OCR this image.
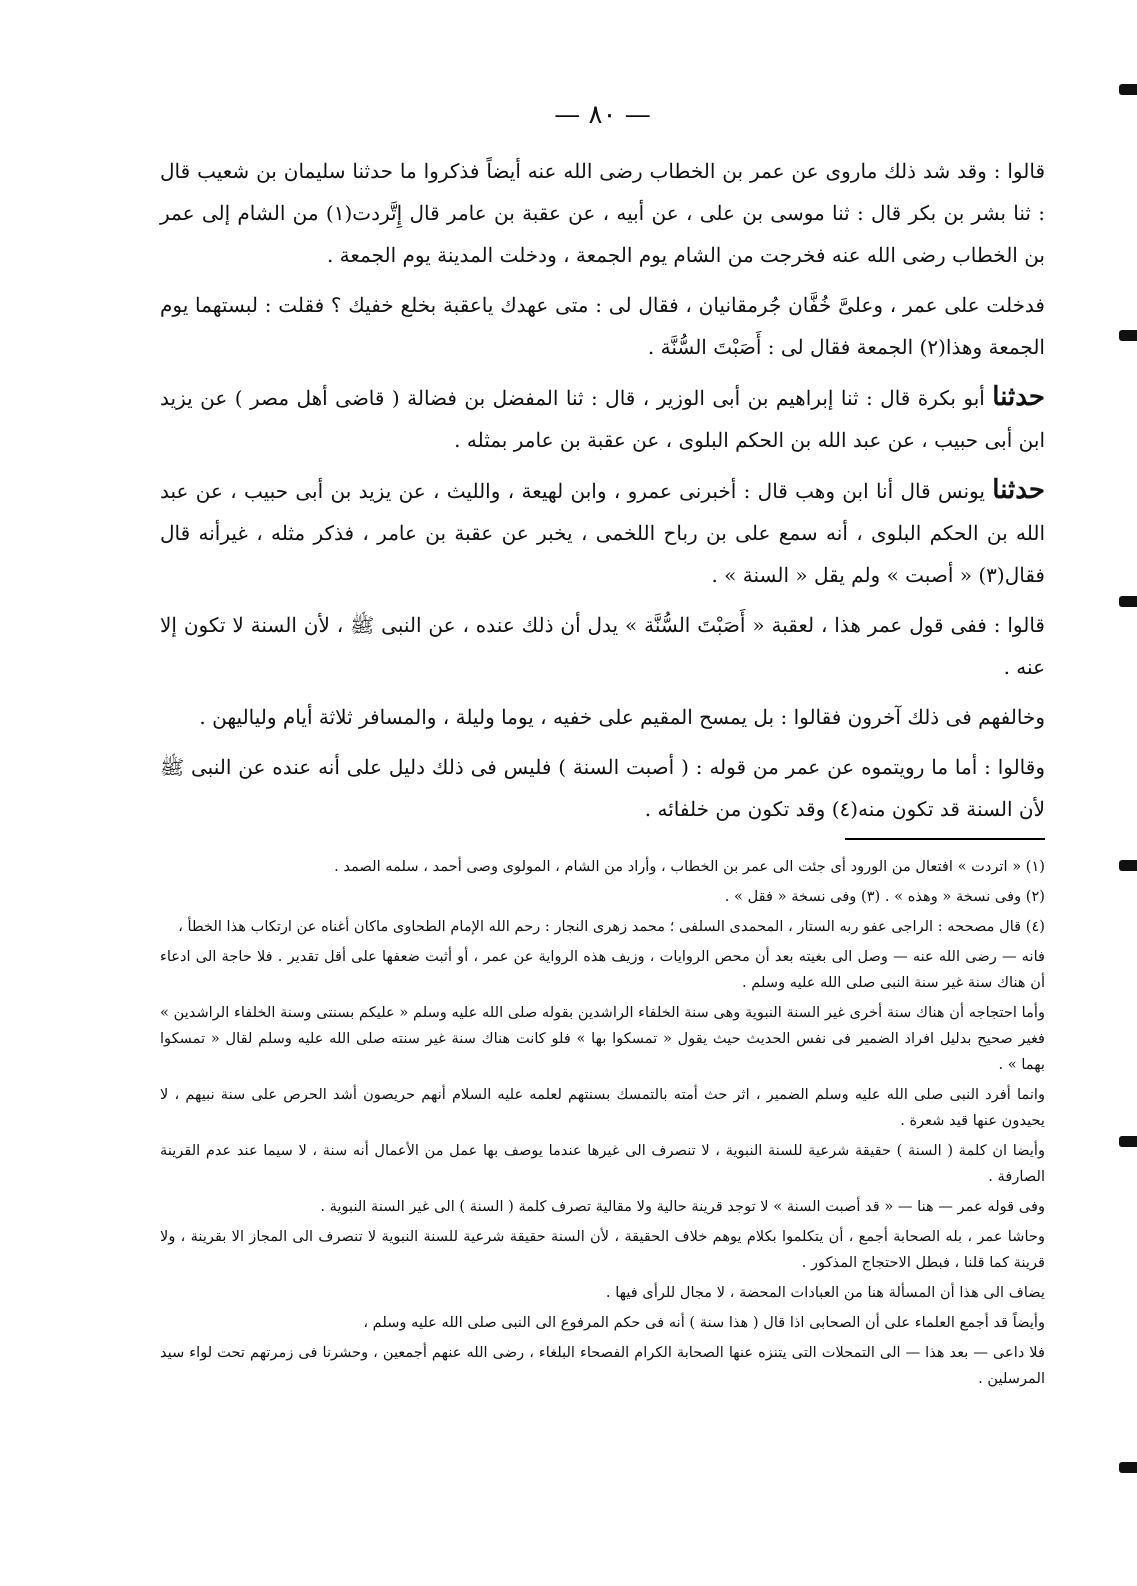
— ٨٠ —

قالوا : وقد شد ذلك ماروى عن عمر بن الخطاب رضى الله عنه أيضاً فذكروا ما حدثنا سليمان بن شعيب قال : ثنا بشر بن بكر قال : ثنا موسى بن على ، عن أبيه ، عن عقبة بن عامر قال إِتَّردت(١) من الشام إلى عمر بن الخطاب رضى الله عنه فخرجت من الشام يوم الجمعة ، ودخلت المدينة يوم الجمعة .

فدخلت على عمر ، وعلىَّ خُفَّان جُرمقانيان ، فقال لى : متى عهدك ياعقبة بخلع خفيك ؟ فقلت : لبستهما يوم الجمعة وهذا(٢) الجمعة فقال لى : أَصَبْتَ السُّنَّة .

حدثنا أبو بكرة قال : ثنا إبراهيم بن أبى الوزير ، قال : ثنا المفضل بن فضالة ( قاضى أهل مصر ) عن يزيد ابن أبى حبيب ، عن عبد الله بن الحكم البلوى ، عن عقبة بن عامر بمثله .

حدثنا يونس قال أنا ابن وهب قال : أخبرنى عمرو ، وابن لهيعة ، والليث ، عن يزيد بن أبى حبيب ، عن عبد الله بن الحكم البلوى ، أنه سمع على بن رباح اللخمى ، يخبر عن عقبة بن عامر ، فذكر مثله ، غيرأنه قال فقال(٣) « أصبت » ولم يقل « السنة » .

قالوا : ففى قول عمر هذا ، لعقبة « أَصَبْتَ السُّنَّة » يدل أن ذلك عنده ، عن النبى ﷺ ، لأن السنة لا تكون إلا عنه .

وخالفهم فى ذلك آخرون فقالوا : بل يمسح المقيم على خفيه ، يوما وليلة ، والمسافر ثلاثة أيام ولياليهن .

وقالوا : أما ما رويتموه عن عمر من قوله : ( أصبت السنة ) فليس فى ذلك دليل على أنه عنده عن النبى ﷺ لأن السنة قد تكون منه(٤) وقد تكون من خلفائه .

(١) « اتردت » افتعال من الورود أى جئت الى عمر بن الخطاب ، وأراد من الشام ، المولوى وصى أحمد ، سلمه الصمد .

(٢) وفى نسخة « وهذه » . (٣) وفى نسخة « فقل » .

(٤) قال مصححه : الراجى عفو ربه الستار ، المحمدى السلفى ؛ محمد زهرى النجار : رحم الله الإمام الطحاوى ماكان أغناه عن ارتكاب هذا الخطأ ،

فانه — رضى الله عنه — وصل الى بغيته بعد أن محص الروايات ، وزيف هذه الرواية عن عمر ، أو أثبت ضعفها على أقل تقدير . فلا حاجة الى ادعاء أن هناك سنة غير سنة النبى صلى الله عليه وسلم .

وأما احتجاجه أن هناك سنة أخرى غير السنة النبوية وهى سنة الخلفاء الراشدين بقوله صلى الله عليه وسلم « عليكم بسنتى وسنة الخلفاء الراشدين » فغير صحيح بدليل افراد الضمير فى نفس الحديث حيث يقول « تمسكوا بها » فلو كانت هناك سنة غير سنته صلى الله عليه وسلم لقال « تمسكوا بهما » .

وانما أفرد النبى صلى الله عليه وسلم الضمير ، اثر حث أمته بالتمسك بسنتهم لعلمه عليه السلام أنهم حريصون أشد الحرص على سنة نبيهم ، لا يحيدون عنها قيد شعرة .

وأيضا ان كلمة ( السنة ) حقيقة شرعية للسنة النبوية ، لا تنصرف الى غيرها عندما يوصف بها عمل من الأعمال أنه سنة ، لا سيما عند عدم القرينة الصارفة .

وفى قوله عمر — هنا — « قد أصبت السنة » لا توجد قرينة حالية ولا مقالية تصرف كلمة ( السنة ) الى غير السنة النبوية .

وحاشا عمر ، بله الصحابة أجمع ، أن يتكلموا بكلام يوهم خلاف الحقيقة ، لأن السنة حقيقة شرعية للسنة النبوية لا تنصرف الى المجاز الا بقرينة ، ولا قرينة كما قلنا ، فبطل الاحتجاج المذكور .

يضاف الى هذا أن المسألة هنا من العبادات المحضة ، لا مجال للرأى فيها .

وأيضاً قد أجمع العلماء على أن الصحابى اذا قال ( هذا سنة ) أنه فى حكم المرفوع الى النبى صلى الله عليه وسلم ،

فلا داعى — بعد هذا — الى التمحلات التى يتنزه عنها الصحابة الكرام الفصحاء البلغاء ، رضى الله عنهم أجمعين ، وحشرنا فى زمرتهم تحت لواء سيد المرسلين .
